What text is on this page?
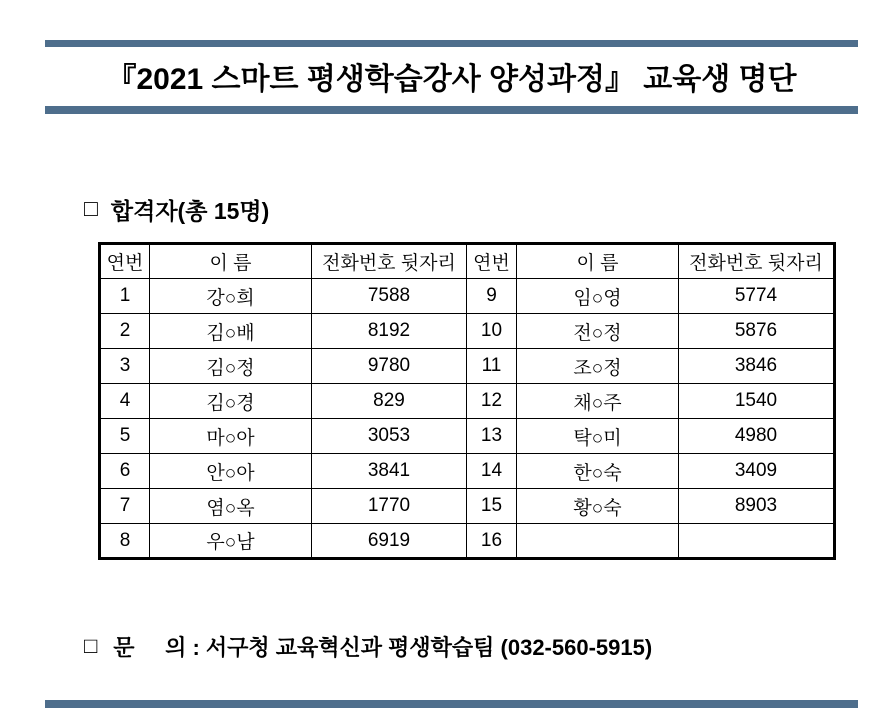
『2021 스마트 평생학습강사 양성과정』 교육생 명단
□ 합격자(총 15명)
연번	이 름	전화번호 뒷자리	연번	이 름	전화번호 뒷자리
1	강○희	7588	9	임○영	5774
2	김○배	8192	10	전○정	5876
3	김○정	9780	11	조○정	3846
4	김○경	829	12	채○주	1540
5	마○아	3053	13	탁○미	4980
6	안○아	3841	14	한○숙	3409
7	염○옥	1770	15	황○숙	8903
8	우○남	6919	16		
□ 문     의 : 서구청 교육혁신과 평생학습팀 (032-560-5915)
